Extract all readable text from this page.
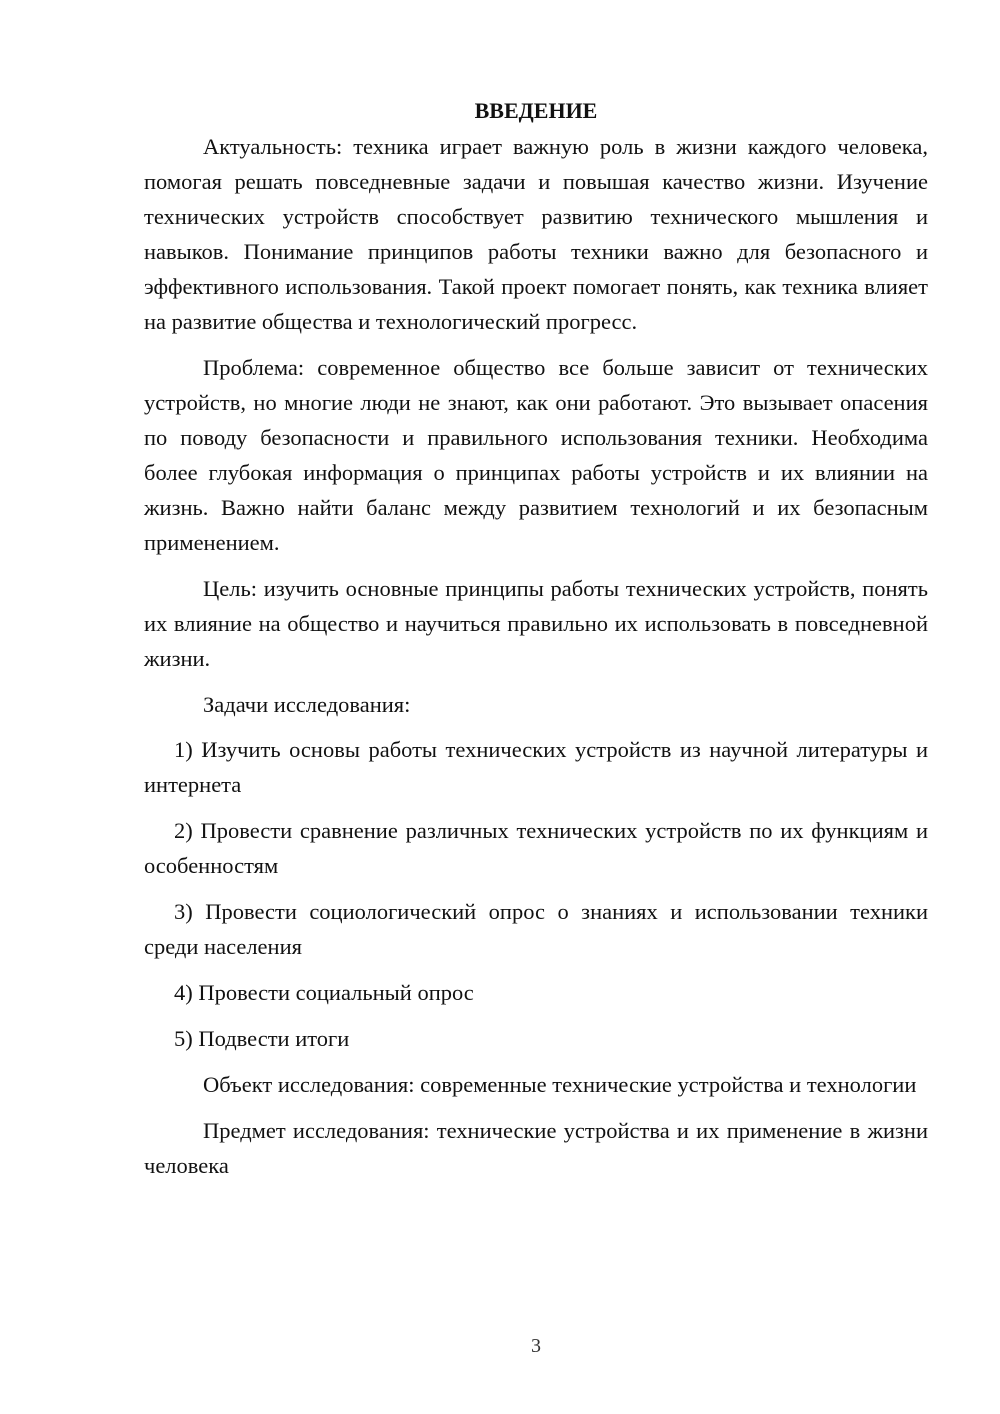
ВВЕДЕНИЕ

Актуальность: техника играет важную роль в жизни каждого человека, помогая решать повседневные задачи и повышая качество жизни. Изучение технических устройств способствует развитию технического мышления и навыков. Понимание принципов работы техники важно для безопасного и эффективного использования. Такой проект помогает понять, как техника влияет на развитие общества и технологический прогресс.

Проблема: современное общество все больше зависит от технических устройств, но многие люди не знают, как они работают. Это вызывает опасения по поводу безопасности и правильного использования техники. Необходима более глубокая информация о принципах работы устройств и их влиянии на жизнь. Важно найти баланс между развитием технологий и их безопасным применением.

Цель: изучить основные принципы работы технических устройств, понять их влияние на общество и научиться правильно их использовать в повседневной жизни.

Задачи исследования:

1) Изучить основы работы технических устройств из научной литературы и интернета

2) Провести сравнение различных технических устройств по их функциям и особенностям

3) Провести социологический опрос о знаниях и использовании техники среди населения

4) Провести социальный опрос

5) Подвести итоги

Объект исследования: современные технические устройства и технологии

Предмет исследования: технические устройства и их применение в жизни человека

3
